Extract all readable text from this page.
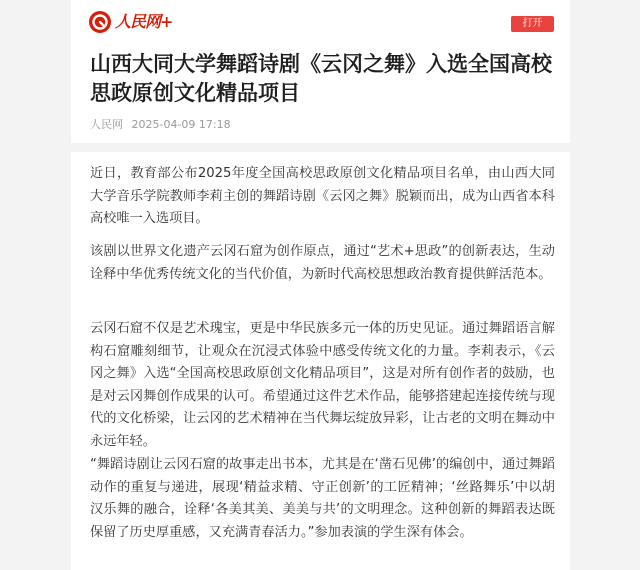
人民网+	打开
山西大同大学舞蹈诗剧《云冈之舞》入选全国高校思政原创文化精品项目
人民网 2025-04-09 17:18

近日，教育部公布2025年度全国高校思政原创文化精品项目名单，由山西大同大学音乐学院教师李莉主创的舞蹈诗剧《云冈之舞》脱颖而出，成为山西省本科高校唯一入选项目。

该剧以世界文化遗产云冈石窟为创作原点，通过“艺术+思政”的创新表达，生动诠释中华优秀传统文化的当代价值，为新时代高校思想政治教育提供鲜活范本。

云冈石窟不仅是艺术瑰宝，更是中华民族多元一体的历史见证。通过舞蹈语言解构石窟雕刻细节，让观众在沉浸式体验中感受传统文化的力量。李莉表示，《云冈之舞》入选“全国高校思政原创文化精品项目”，这是对所有创作者的鼓励，也是对云冈舞创作成果的认可。希望通过这件艺术作品，能够搭建起连接传统与现代的文化桥梁，让云冈的艺术精神在当代舞坛绽放异彩，让古老的文明在舞动中永远年轻。

“舞蹈诗剧让云冈石窟的故事走出书本，尤其是在‘凿石见佛’的编创中，通过舞蹈动作的重复与递进，展现‘精益求精、守正创新’的工匠精神；‘丝路舞乐’中以胡汉乐舞的融合，诠释‘各美其美、美美与共’的文明理念。这种创新的舞蹈表达既保留了历史厚重感，又充满青春活力。”参加表演的学生深有体会。
